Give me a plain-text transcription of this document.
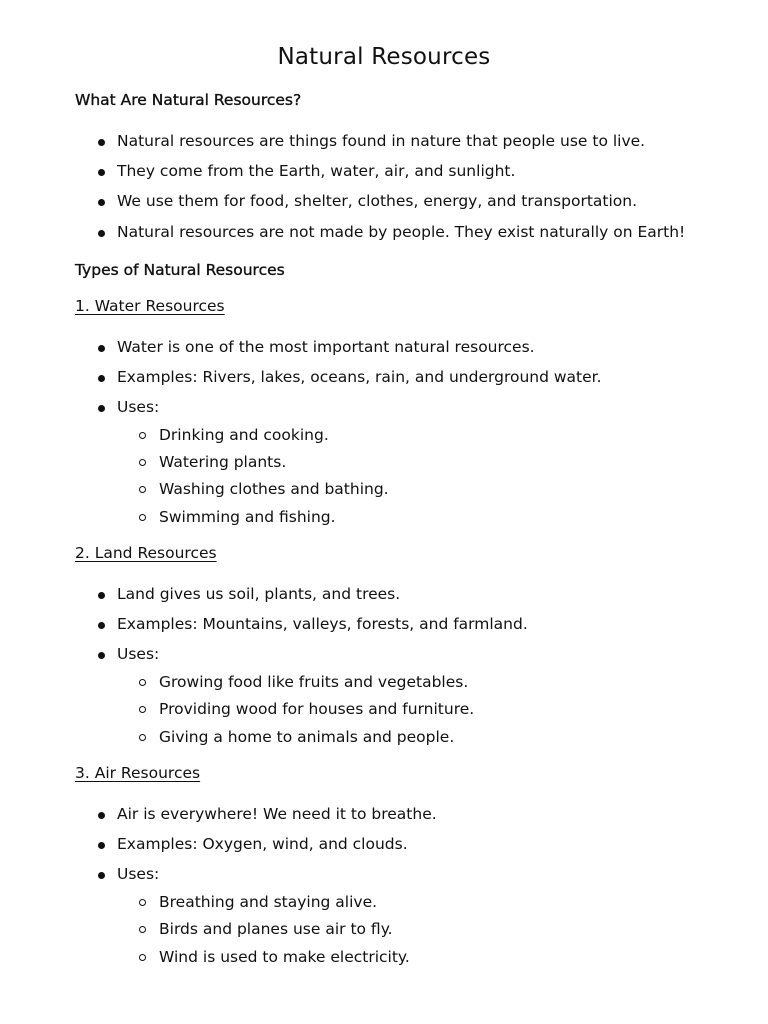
Natural Resources
What Are Natural Resources?
Natural resources are things found in nature that people use to live.
They come from the Earth, water, air, and sunlight.
We use them for food, shelter, clothes, energy, and transportation.
Natural resources are not made by people. They exist naturally on Earth!
Types of Natural Resources
1. Water Resources
Water is one of the most important natural resources.
Examples: Rivers, lakes, oceans, rain, and underground water.
Uses:
Drinking and cooking.
Watering plants.
Washing clothes and bathing.
Swimming and fishing.
2. Land Resources
Land gives us soil, plants, and trees.
Examples: Mountains, valleys, forests, and farmland.
Uses:
Growing food like fruits and vegetables.
Providing wood for houses and furniture.
Giving a home to animals and people.
3. Air Resources
Air is everywhere! We need it to breathe.
Examples: Oxygen, wind, and clouds.
Uses:
Breathing and staying alive.
Birds and planes use air to fly.
Wind is used to make electricity.
